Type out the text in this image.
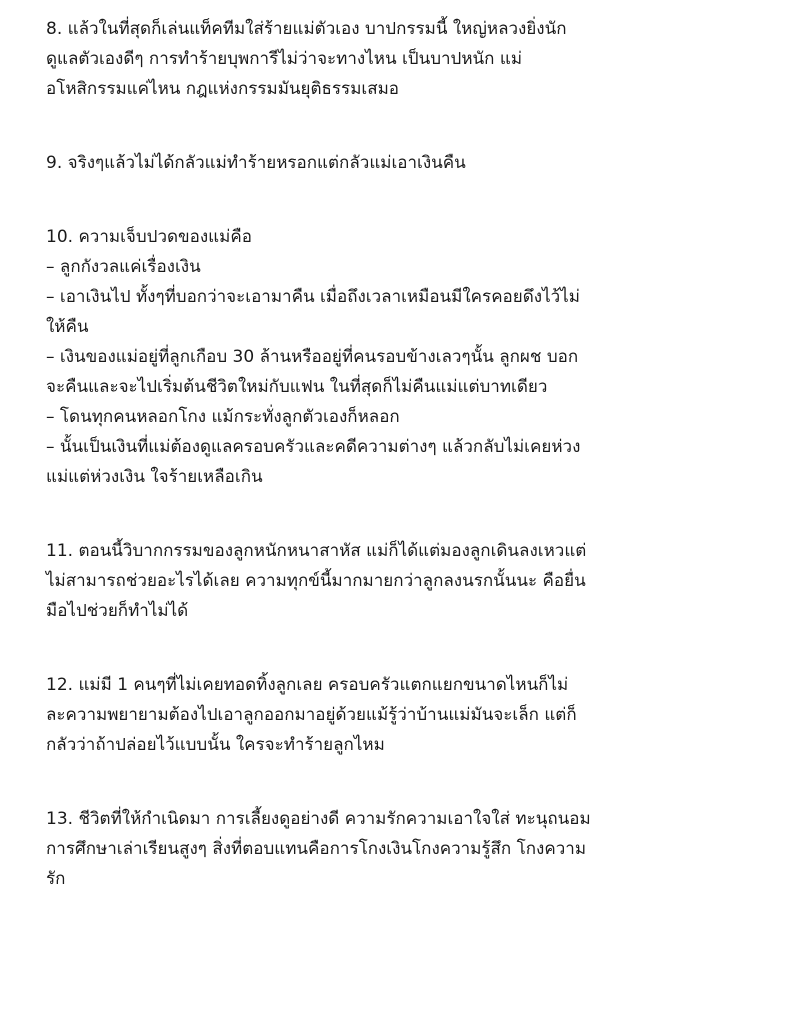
8. แล้วในที่สุดก็เล่นแท็คทีมใส่ร้ายแม่ตัวเอง บาปกรรมนี้ ใหญ่หลวงยิ่งนัก
ดูแลตัวเองดีๆ การทำร้ายบุพการีไม่ว่าจะทางไหน เป็นบาปหนัก แม่
อโหสิกรรมแค่ไหน กฎแห่งกรรมมันยุติธรรมเสมอ

9. จริงๆแล้วไม่ได้กลัวแม่ทำร้ายหรอกแต่กลัวแม่เอาเงินคืน

10. ความเจ็บปวดของแม่คือ
– ลูกกังวลแค่เรื่องเงิน
– เอาเงินไป ทั้งๆที่บอกว่าจะเอามาคืน เมื่อถึงเวลาเหมือนมีใครคอยดึงไว้ไม่
ให้คืน
– เงินของแม่อยู่ที่ลูกเกือบ 30 ล้านหรืออยู่ที่คนรอบข้างเลวๆนั้น ลูกผช บอก
จะคืนและจะไปเริ่มต้นชีวิตใหม่กับแฟน ในที่สุดก็ไม่คืนแม่แต่บาทเดียว
– โดนทุกคนหลอกโกง แม้กระทั่งลูกตัวเองก็หลอก
– นั้นเป็นเงินที่แม่ต้องดูแลครอบครัวและคดีความต่างๆ แล้วกลับไม่เคยห่วง
แม่แต่ห่วงเงิน ใจร้ายเหลือเกิน

11. ตอนนี้วิบากกรรมของลูกหนักหนาสาหัส แม่ก็ได้แต่มองลูกเดินลงเหวแต่
ไม่สามารถช่วยอะไรได้เลย ความทุกข์นี้มากมายกว่าลูกลงนรกนั้นนะ คือยื่น
มือไปช่วยก็ทำไม่ได้

12. แม่มี 1 คนๆที่ไม่เคยทอดทิ้งลูกเลย ครอบครัวแตกแยกขนาดไหนก็ไม่
ละความพยายามต้องไปเอาลูกออกมาอยู่ด้วยแม้รู้ว่าบ้านแม่มันจะเล็ก แต่ก็
กลัวว่าถ้าปล่อยไว้แบบนั้น ใครจะทำร้ายลูกไหม

13. ชีวิตที่ให้กำเนิดมา การเลี้ยงดูอย่างดี ความรักความเอาใจใส่ ทะนุถนอม
การศึกษาเล่าเรียนสูงๆ สิ่งที่ตอบแทนคือการโกงเงินโกงความรู้สึก โกงความ
รัก
